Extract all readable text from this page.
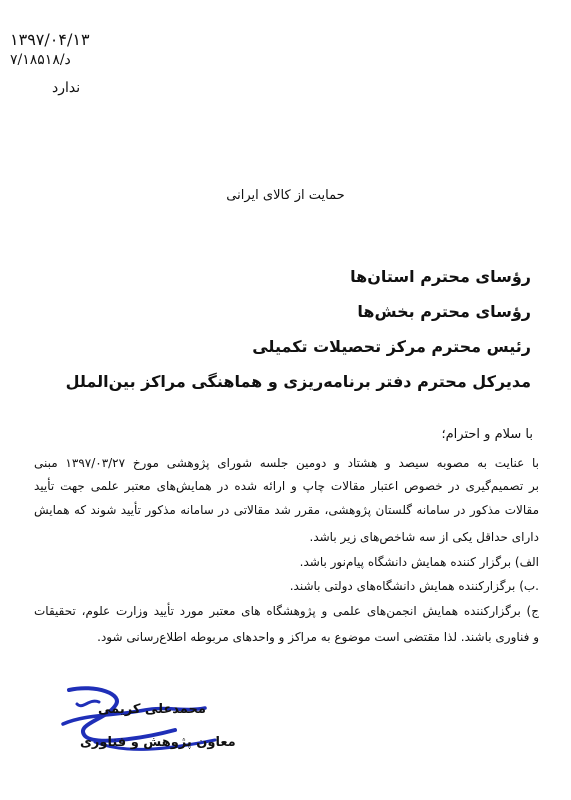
۱۳۹۷/۰۴/۱۳
د/۷/۱۸۵۱۸
ندارد
حمایت از کالای ایرانی
رؤسای محترم استان‌ها
رؤسای محترم بخش‌ها
رئیس محترم مرکز تحصیلات تکمیلی
مدیرکل محترم دفتر برنامه‌ریزی و هماهنگی مراکز بین‌الملل
با سلام و احترام؛
با عنایت به مصوبه سیصد و هشتاد و دومین جلسه شورای پژوهشی مورخ ۱۳۹۷/۰۳/۲۷ مبنی
بر تصمیم‌گیری در خصوص اعتبار مقالات چاپ و ارائه شده در همایش‌های معتبر علمی جهت تأیید
مقالات مذکور در سامانه گلستان پژوهشی، مقرر شد مقالاتی در سامانه مذکور تأیید شوند که همایش
دارای حداقل یکی از سه شاخص‌های زیر باشد.
الف) برگزار کننده همایش دانشگاه پیام‌نور باشد.
.ب) برگزارکننده همایش دانشگاه‌های دولتی باشند.
ج) برگزارکننده همایش انجمن‌های علمی و پژوهشگاه های معتبر مورد تأیید وزارت علوم، تحقیقات
و فناوری باشند. لذا مقتضی است موضوع به مراکز و واحدهای مربوطه اطلاع‌رسانی شود.
محمدعلی کریمی
معاون پژوهش و فناوری
